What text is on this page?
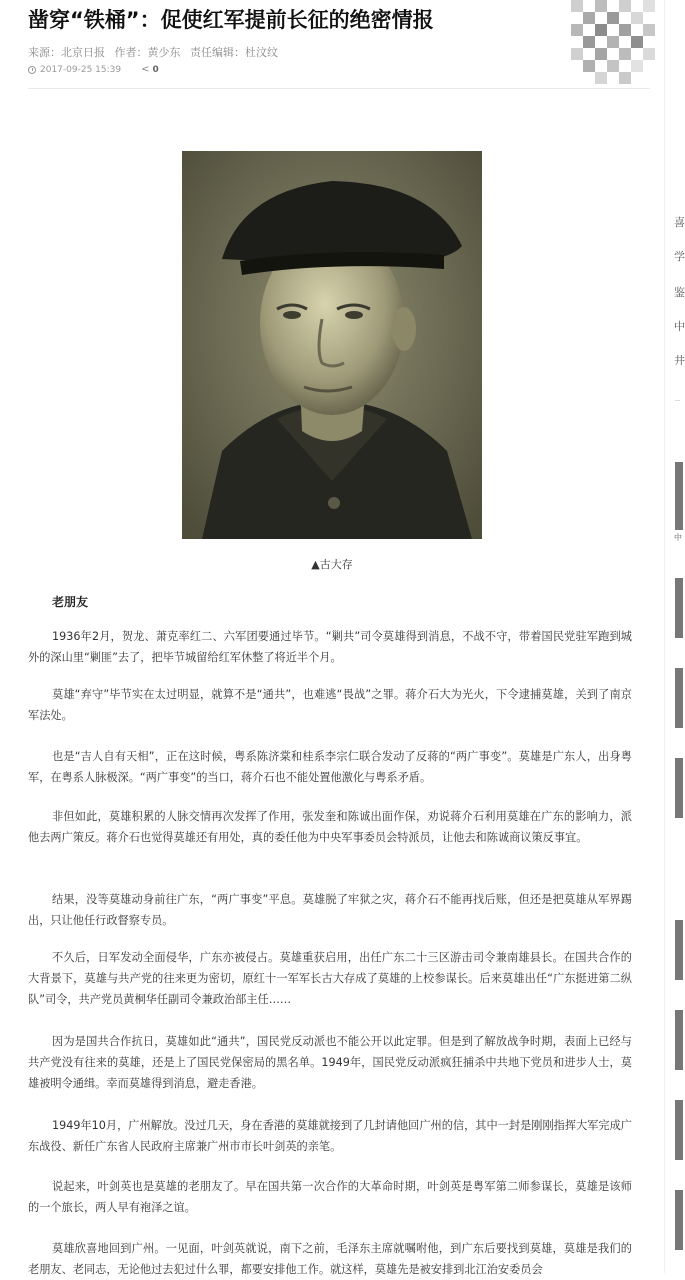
凿穿“铁桶”：促使红军提前长征的绝密情报
来源：北京日报 作者：黄少东 责任编辑：杜汶纹
2017-09-25 15:39 < 0
▲古大存
老朋友

1936年2月，贺龙、萧克率红二、六军团要通过毕节。“剿共”司令莫雄得到消息，不战不守，带着国民党驻军跑到城外的深山里“剿匪”去了，把毕节城留给红军休整了将近半个月。

莫雄“弃守”毕节实在太过明显，就算不是“通共”，也难逃“畏战”之罪。蒋介石大为光火，下令逮捕莫雄，关到了南京军法处。

也是“吉人自有天相”，正在这时候，粤系陈济棠和桂系李宗仁联合发动了反蒋的“两广事变”。莫雄是广东人，出身粤军，在粤系人脉极深。“两广事变”的当口，蒋介石也不能处置他激化与粤系矛盾。

非但如此，莫雄积累的人脉交情再次发挥了作用，张发奎和陈诚出面作保，劝说蒋介石利用莫雄在广东的影响力，派他去两广策反。蒋介石也觉得莫雄还有用处，真的委任他为中央军事委员会特派员，让他去和陈诚商议策反事宜。

结果，没等莫雄动身前往广东，“两广事变”平息。莫雄脱了牢狱之灾，蒋介石不能再找后账，但还是把莫雄从军界踢出，只让他任行政督察专员。

不久后，日军发动全面侵华，广东亦被侵占。莫雄重获启用，出任广东二十三区游击司令兼南雄县长。在国共合作的大背景下，莫雄与共产党的往来更为密切，原红十一军军长古大存成了莫雄的上校参谋长。后来莫雄出任“广东挺进第二纵队”司令，共产党员黄桐华任副司令兼政治部主任……

因为是国共合作抗日，莫雄如此“通共”，国民党反动派也不能公开以此定罪。但是到了解放战争时期，表面上已经与共产党没有往来的莫雄，还是上了国民党保密局的黑名单。1949年，国民党反动派疯狂捕杀中共地下党员和进步人士，莫雄被明令通缉。幸而莫雄得到消息，避走香港。

1949年10月，广州解放。没过几天，身在香港的莫雄就接到了几封请他回广州的信，其中一封是刚刚指挥大军完成广东战役、新任广东省人民政府主席兼广州市市长叶剑英的亲笔。

说起来，叶剑英也是莫雄的老朋友了。早在国共第一次合作的大革命时期，叶剑英是粤军第二师参谋长，莫雄是该师的一个旅长，两人早有袍泽之谊。

莫雄欣喜地回到广州。一见面，叶剑英就说，南下之前，毛泽东主席就嘱咐他，到广东后要找到莫雄，莫雄是我们的老朋友、老同志，无论他过去犯过什么罪，都要安排他工作。就这样，莫雄先是被安排到北江治安委员会

喜
学
鉴
中
井
中
